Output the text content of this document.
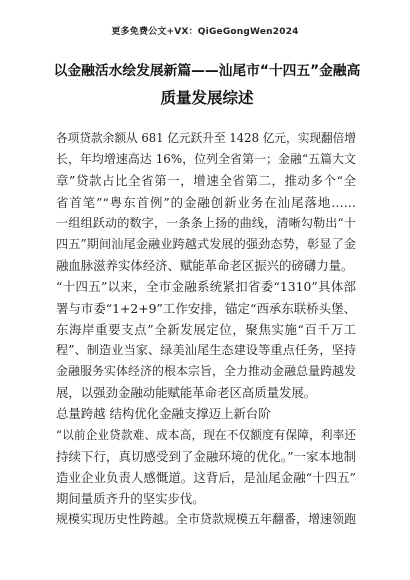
更多免费公文+VX：QiGeGongWen2024
以金融活水绘发展新篇——汕尾市“十四五”金融高
质量发展综述
各项贷款余额从 681 亿元跃升至 1428 亿元，实现翻倍增
长，年均增速高达 16%，位列全省第一；金融“五篇大文
章”贷款占比全省第一，增速全省第二，推动多个“全
省首笔”“粤东首例”的金融创新业务在汕尾落地……
一组组跃动的数字，一条条上扬的曲线，清晰勾勒出“十
四五”期间汕尾金融业跨越式发展的强劲态势，彰显了金
融血脉滋养实体经济、赋能革命老区振兴的磅礴力量。
“十四五”以来，全市金融系统紧扣省委“1310”具体部
署与市委“1+2+9”工作安排，锚定“西承东联桥头堡、
东海岸重要支点”全新发展定位，聚焦实施“百千万工
程”、制造业当家、绿美汕尾生态建设等重点任务，坚持
金融服务实体经济的根本宗旨，全力推动金融总量跨越发
展，以强劲金融动能赋能革命老区高质量发展。
总量跨越 结构优化金融支撑迈上新台阶
“以前企业贷款难、成本高，现在不仅额度有保障，利率还
持续下行，真切感受到了金融环境的优化。”一家本地制
造业企业负责人感慨道。这背后，是汕尾金融“十四五”
期间量质齐升的坚实步伐。
规模实现历史性跨越。全市贷款规模五年翻番，增速领跑
